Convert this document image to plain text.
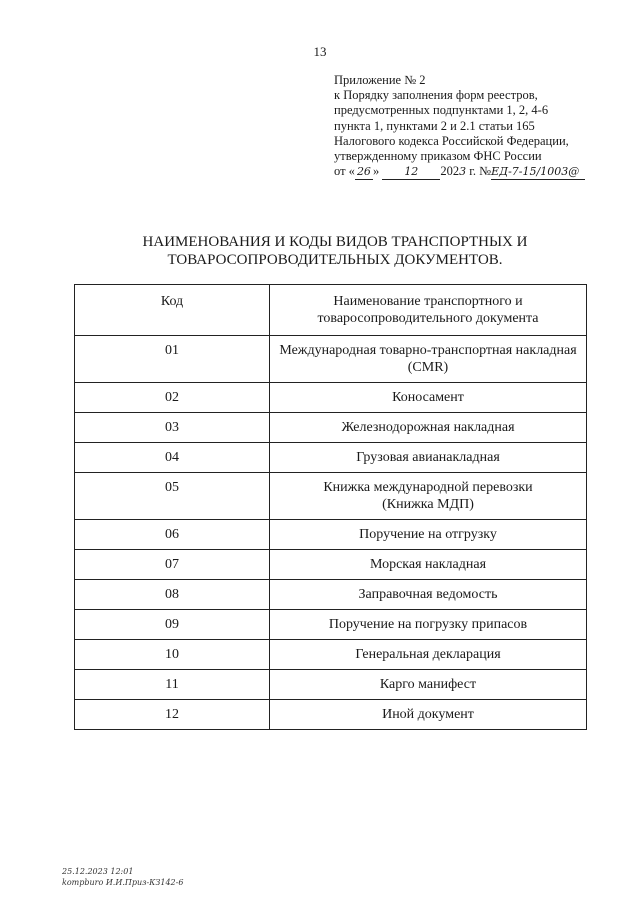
13
Приложение № 2
к Порядку заполнения форм реестров,
предусмотренных подпунктами 1, 2, 4-6
пункта 1, пунктами 2 и 2.1 статьи 165
Налогового кодекса Российской Федерации,
утвержденному приказом ФНС России
от « 26 » 12 2023 г. №ЕД-7-15/1003@
НАИМЕНОВАНИЯ И КОДЫ ВИДОВ ТРАНСПОРТНЫХ И
ТОВАРОСОПРОВОДИТЕЛЬНЫХ ДОКУМЕНТОВ.
Код	Наименование транспортного и
товаросопроводительного документа

01	Международная товарно-транспортная накладная
(CMR)

02	Коносамент
03	Железнодорожная накладная
04	Грузовая авианакладная
05	Книжка международной перевозки
(Книжка МДП)

06	Поручение на отгрузку
07	Морская накладная
08	Заправочная ведомость
09	Поручение на погрузку припасов
10	Генеральная декларация
11	Карго манифест
12	Иной документ
25.12.2023 12:01
kompburo И.И.Приз-КЗ142-6
